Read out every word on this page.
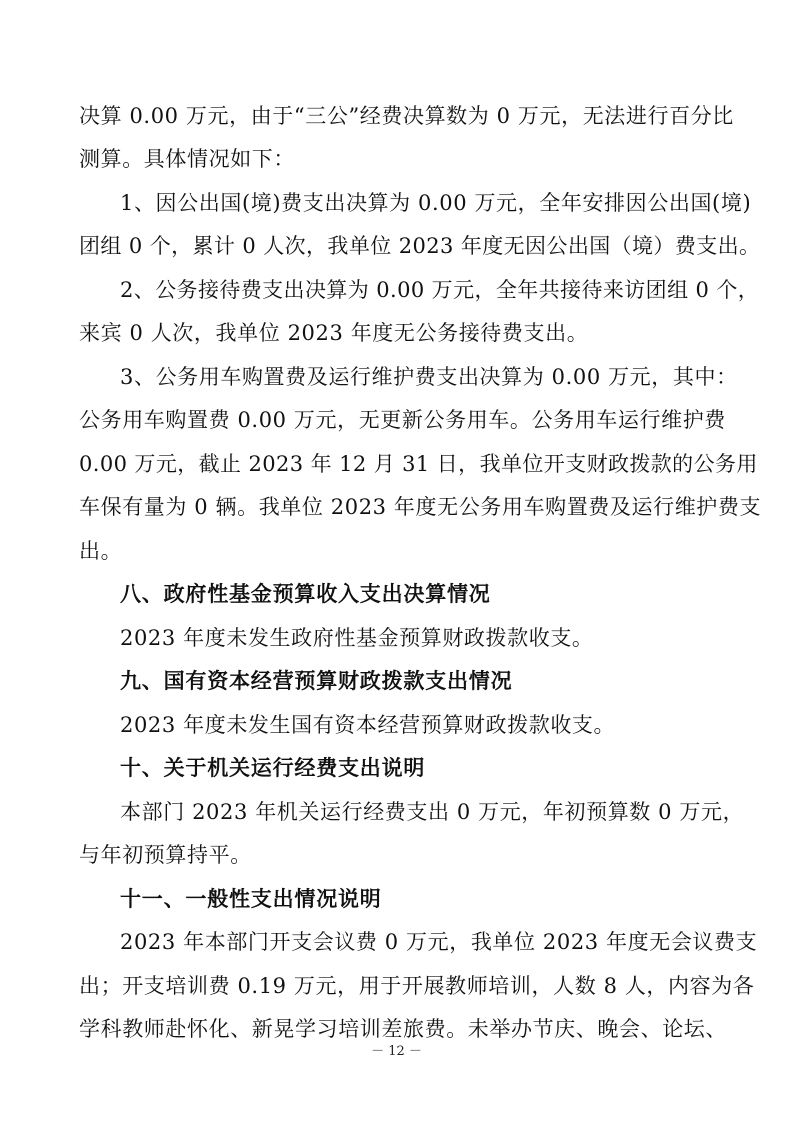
决算 0.00 万元，由于“三公”经费决算数为 0 万元，无法进行百分比
测算。具体情况如下：
1、因公出国(境)费支出决算为 0.00 万元，全年安排因公出国(境)
团组 0 个，累计 0 人次，我单位 2023 年度无因公出国（境）费支出。
2、公务接待费支出决算为 0.00 万元，全年共接待来访团组 0 个，
来宾 0 人次，我单位 2023 年度无公务接待费支出。
3、公务用车购置费及运行维护费支出决算为 0.00 万元，其中：
公务用车购置费 0.00 万元，无更新公务用车。公务用车运行维护费
0.00 万元，截止 2023 年 12 月 31 日，我单位开支财政拨款的公务用
车保有量为 0 辆。我单位 2023 年度无公务用车购置费及运行维护费支
出。
八、政府性基金预算收入支出决算情况
2023 年度未发生政府性基金预算财政拨款收支。
九、国有资本经营预算财政拨款支出情况
2023 年度未发生国有资本经营预算财政拨款收支。
十、关于机关运行经费支出说明
本部门 2023 年机关运行经费支出 0 万元，年初预算数 0 万元，
与年初预算持平。
十一、一般性支出情况说明
2023 年本部门开支会议费 0 万元，我单位 2023 年度无会议费支
出；开支培训费 0.19 万元，用于开展教师培训，人数 8 人，内容为各
学科教师赴怀化、新晃学习培训差旅费。未举办节庆、晚会、论坛、
－ 12 －
